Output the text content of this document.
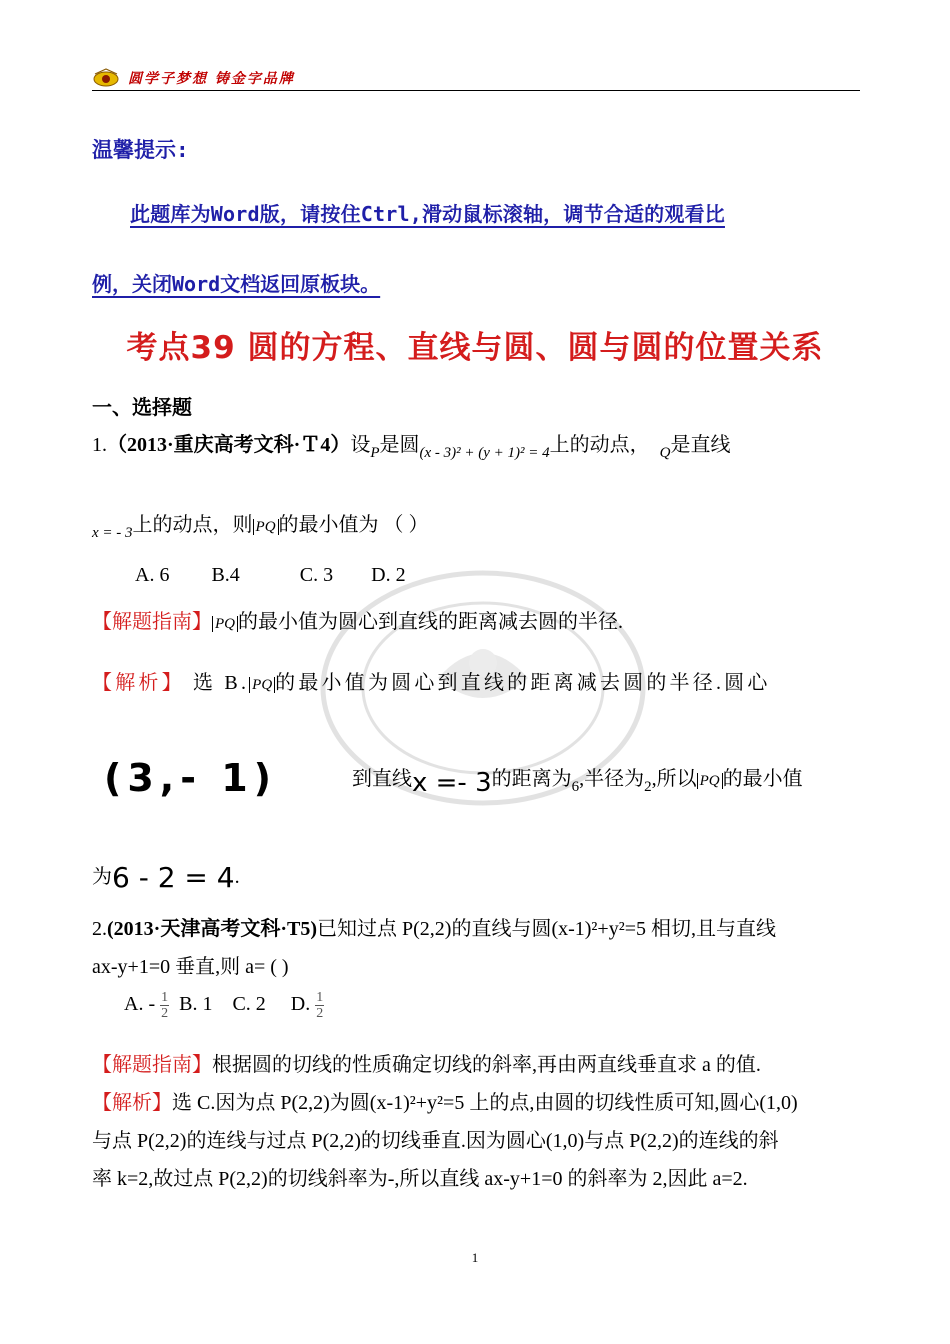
圆学子梦想 铸金字品牌
温馨提示:
此题库为Word版，请按住Ctrl,滑动鼠标滚轴，调节合适的观看比
例，关闭Word文档返回原板块。
考点39 圆的方程、直线与圆、圆与圆的位置关系
一、选择题
1.（2013·重庆高考文科·Ｔ4）设$_P$是圆$_{(x - 3)^2 + (y + 1)^2 = 4}$上的动点， $_Q$是直线
$_{x = - 3}$上的动点，则 PQ 的最小值为 （ ）
A. 6 B.4	C. 3 D. 2
【解题指南】 PQ 的最小值为圆心到直线的距离减去圆的半径.
【解析】 选 B. PQ 的最小值为圆心到直线的距离减去圆的半径.圆心
(3,- 1)	到直线x =- 3的距离为$_6$,半径为$_2$,所以 PQ 的最小值
为6 - 2 = 4.
2.(2013·天津高考文科·T5)已知过点 P(2,2)的直线与圆(x-1)²+y²=5 相切,且与直线
ax-y+1=0 垂直,则 a= ( )
A. - $\frac{1}{2} B$. 1 C. 2 D. $\frac{1}{2}$
【解题指南】根据圆的切线的性质确定切线的斜率,再由两直线垂直求 a 的值.
【解析】选 C.因为点 P(2,2)为圆(x-1)²+y²=5 上的点,由圆的切线性质可知,圆心(1,0)
与点 P(2,2)的连线与过点 P(2,2)的切线垂直.因为圆心(1,0)与点 P(2,2)的连线的斜
率 k=2,故过点 P(2,2)的切线斜率为-,所以直线 ax-y+1=0 的斜率为 2,因此 a=2.
1
